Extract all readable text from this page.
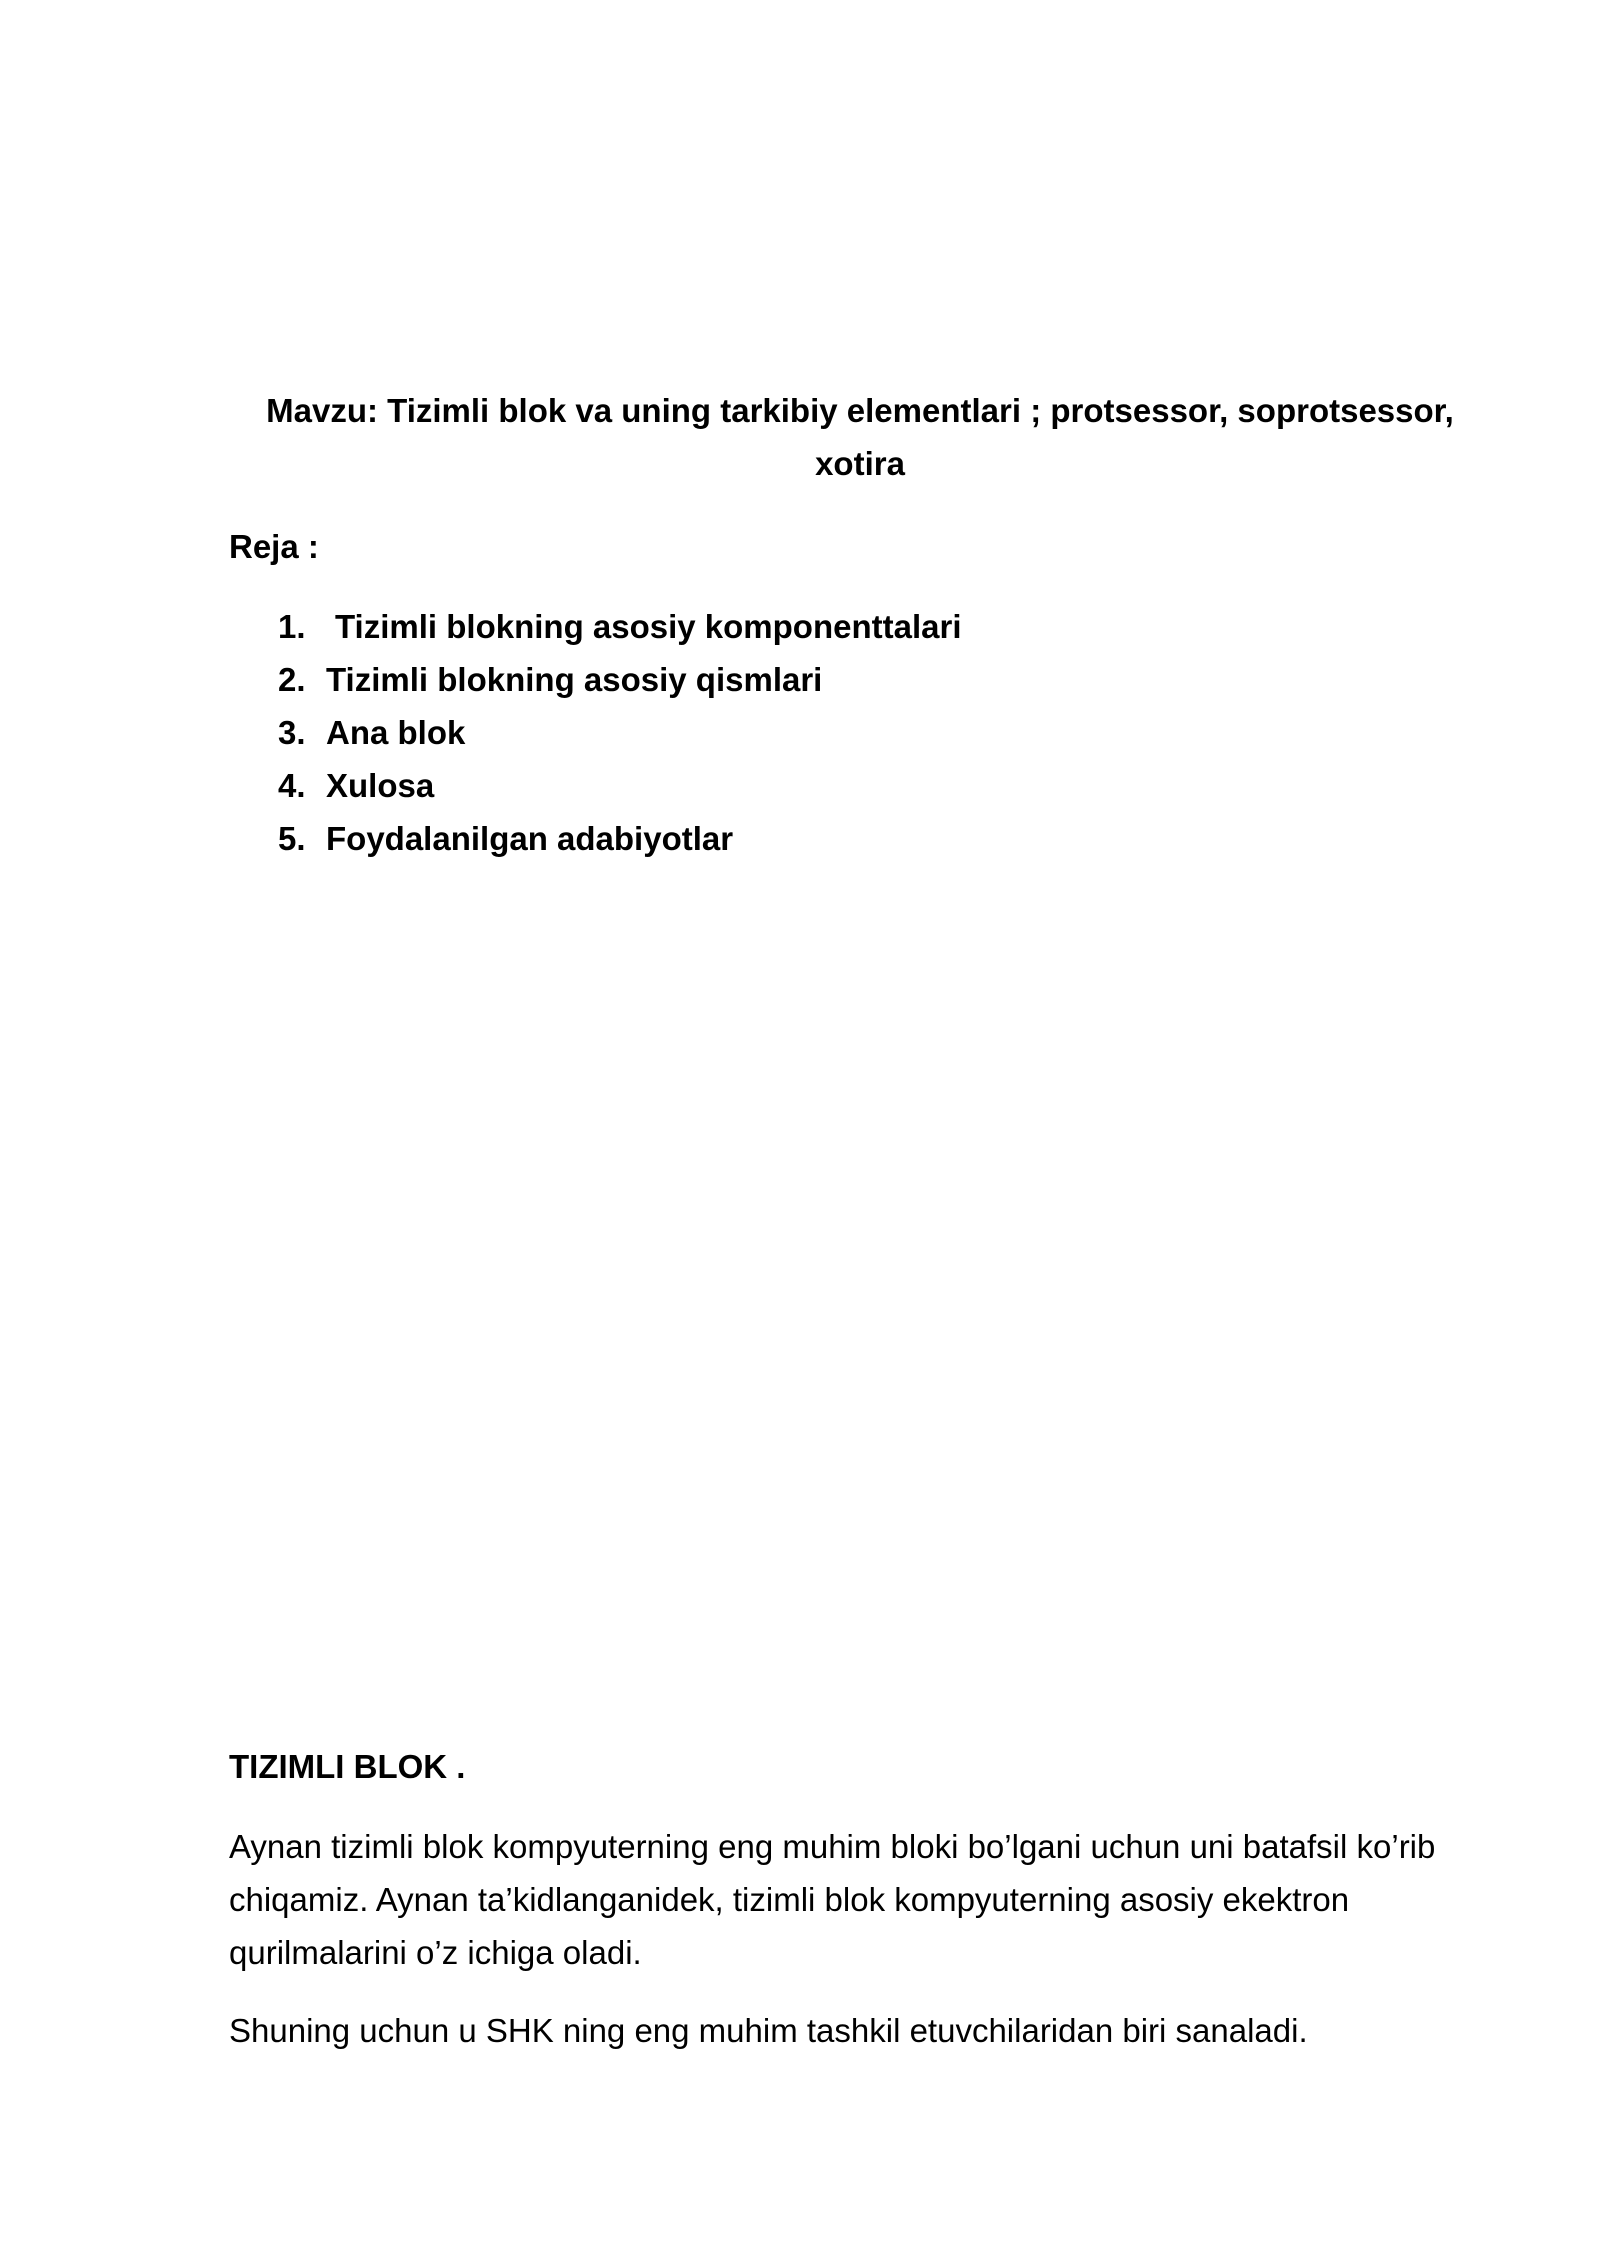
Mavzu: Tizimli blok va uning tarkibiy elementlari ; protsessor, soprotsessor, xotira

Reja :

1. Tizimli blokning asosiy komponenttalari
2. Tizimli blokning asosiy qismlari
3. Ana blok
4. Xulosa
5. Foydalanilgan adabiyotlar

TIZIMLI BLOK .

Aynan tizimli blok kompyuterning eng muhim bloki bo’lgani uchun uni batafsil ko’rib chiqamiz. Aynan ta’kidlanganidek, tizimli blok kompyuterning asosiy ekektron qurilmalarini o’z ichiga oladi.

Shuning uchun u SHK ning eng muhim tashkil etuvchilaridan biri sanaladi.
